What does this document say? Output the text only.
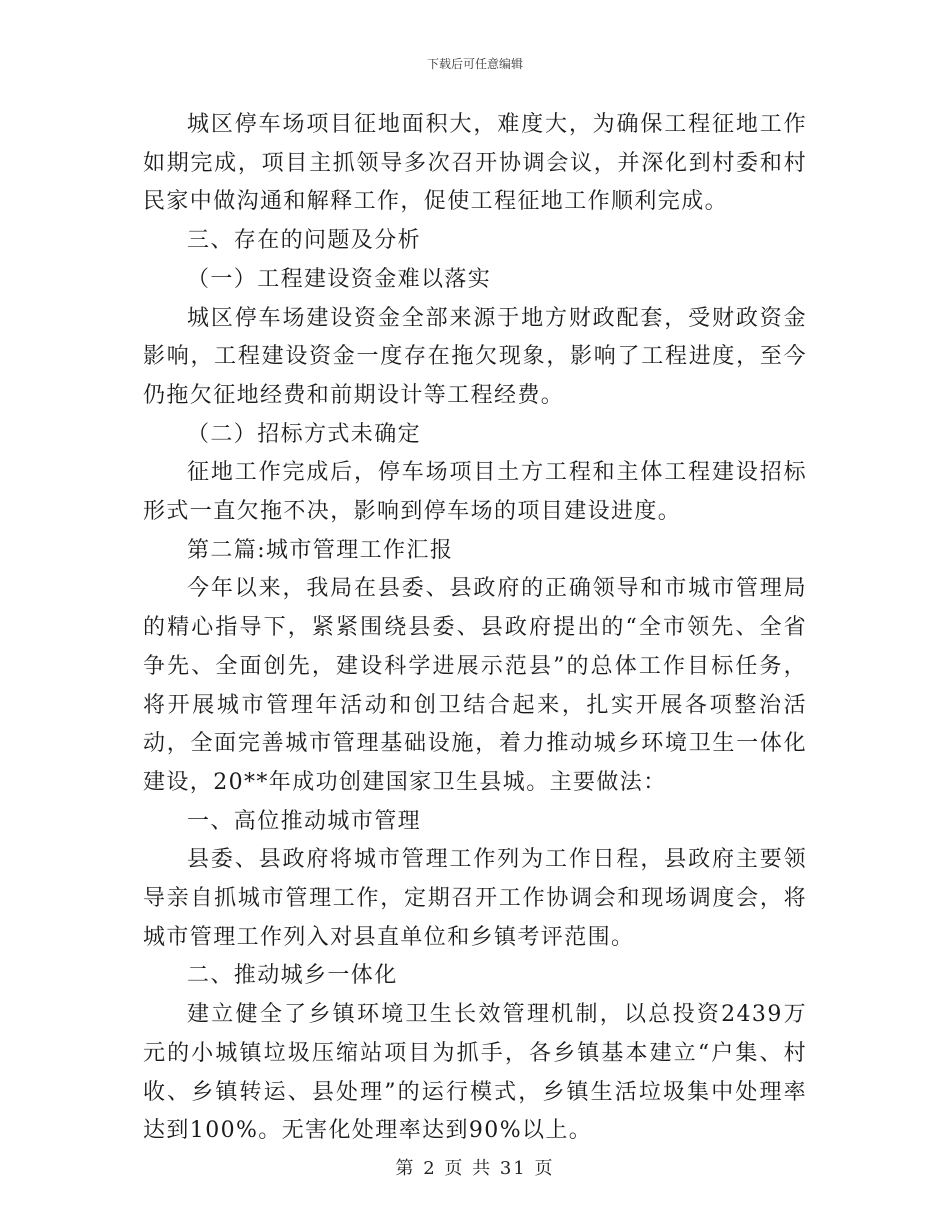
下载后可任意编辑

城区停车场项目征地面积大，难度大，为确保工程征地工作如期完成，项目主抓领导多次召开协调会议，并深化到村委和村民家中做沟通和解释工作，促使工程征地工作顺利完成。

三、存在的问题及分析

（一）工程建设资金难以落实

城区停车场建设资金全部来源于地方财政配套，受财政资金影响，工程建设资金一度存在拖欠现象，影响了工程进度，至今仍拖欠征地经费和前期设计等工程经费。

（二）招标方式未确定

征地工作完成后，停车场项目土方工程和主体工程建设招标形式一直欠拖不决，影响到停车场的项目建设进度。

第二篇:城市管理工作汇报

今年以来，我局在县委、县政府的正确领导和市城市管理局的精心指导下，紧紧围绕县委、县政府提出的“全市领先、全省争先、全面创先，建设科学进展示范县”的总体工作目标任务，将开展城市管理年活动和创卫结合起来，扎实开展各项整治活动，全面完善城市管理基础设施，着力推动城乡环境卫生一体化建设，20**年成功创建国家卫生县城。主要做法：

一、高位推动城市管理

县委、县政府将城市管理工作列为工作日程，县政府主要领导亲自抓城市管理工作，定期召开工作协调会和现场调度会，将城市管理工作列入对县直单位和乡镇考评范围。

二、推动城乡一体化

建立健全了乡镇环境卫生长效管理机制，以总投资2439万元的小城镇垃圾压缩站项目为抓手，各乡镇基本建立“户集、村收、乡镇转运、县处理”的运行模式，乡镇生活垃圾集中处理率达到100%。无害化处理率达到90%以上。

第 2 页 共 31 页
